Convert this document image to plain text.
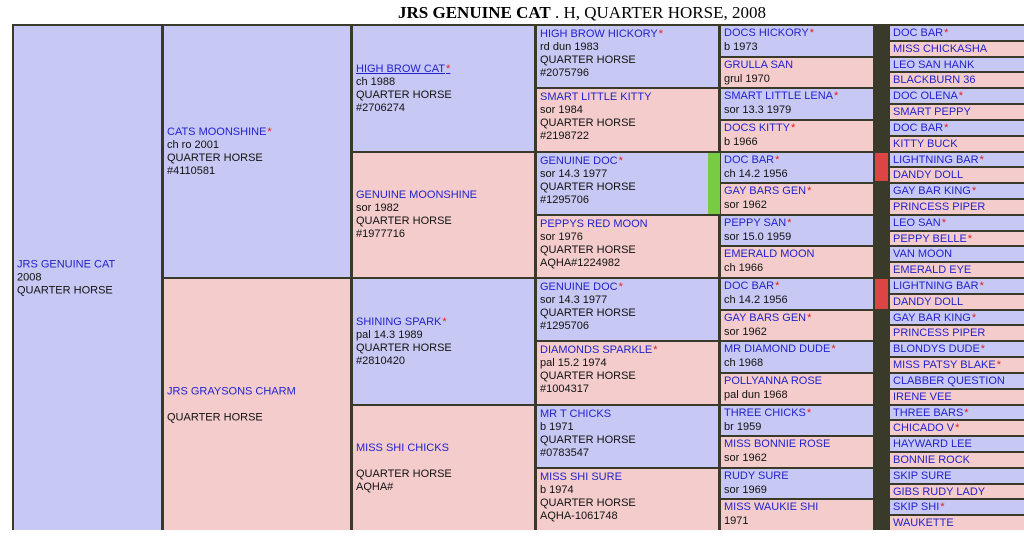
JRS GENUINE CAT . H, QUARTER HORSE, 2008
JRS GENUINE CAT
2008
QUARTER HORSE
CATS MOONSHINE*
ch ro 2001
QUARTER HORSE
#4110581
JRS GRAYSONS CHARM

QUARTER HORSE
HIGH BROW CAT*
ch 1988
QUARTER HORSE
#2706274
GENUINE MOONSHINE
sor 1982
QUARTER HORSE
#1977716
SHINING SPARK*
pal 14.3 1989
QUARTER HORSE
#2810420
MISS SHI CHICKS

QUARTER HORSE
AQHA#
HIGH BROW HICKORY*
rd dun 1983
QUARTER HORSE
#2075796
SMART LITTLE KITTY
sor 1984
QUARTER HORSE
#2198722
GENUINE DOC*
sor 14.3 1977
QUARTER HORSE
#1295706
PEPPYS RED MOON
sor 1976
QUARTER HORSE
AQHA#1224982
GENUINE DOC*
sor 14.3 1977
QUARTER HORSE
#1295706
DIAMONDS SPARKLE*
pal 15.2 1974
QUARTER HORSE
#1004317
MR T CHICKS
b 1971
QUARTER HORSE
#0783547
MISS SHI SURE
b 1974
QUARTER HORSE
AQHA-1061748
DOCS HICKORY*
b 1973
GRULLA SAN
grul 1970
SMART LITTLE LENA*
sor 13.3 1979
DOCS KITTY*
b 1966
DOC BAR*
ch 14.2 1956
GAY BARS GEN*
sor 1962
PEPPY SAN*
sor 15.0 1959
EMERALD MOON
ch 1966
DOC BAR*
ch 14.2 1956
GAY BARS GEN*
sor 1962
MR DIAMOND DUDE*
ch 1968
POLLYANNA ROSE
pal dun 1968
THREE CHICKS*
br 1959
MISS BONNIE ROSE
sor 1962
RUDY SURE
sor 1969
MISS WAUKIE SHI
1971
DOC BAR*
MISS CHICKASHA
LEO SAN HANK
BLACKBURN 36
DOC OLENA*
SMART PEPPY
DOC BAR*
KITTY BUCK
LIGHTNING BAR*
DANDY DOLL
GAY BAR KING*
PRINCESS PIPER
LEO SAN*
PEPPY BELLE*
VAN MOON
EMERALD EYE
LIGHTNING BAR*
DANDY DOLL
GAY BAR KING*
PRINCESS PIPER
BLONDYS DUDE*
MISS PATSY BLAKE*
CLABBER QUESTION
IRENE VEE
THREE BARS*
CHICADO V*
HAYWARD LEE
BONNIE ROCK
SKIP SURE
GIBS RUDY LADY
SKIP SHI*
WAUKETTE
